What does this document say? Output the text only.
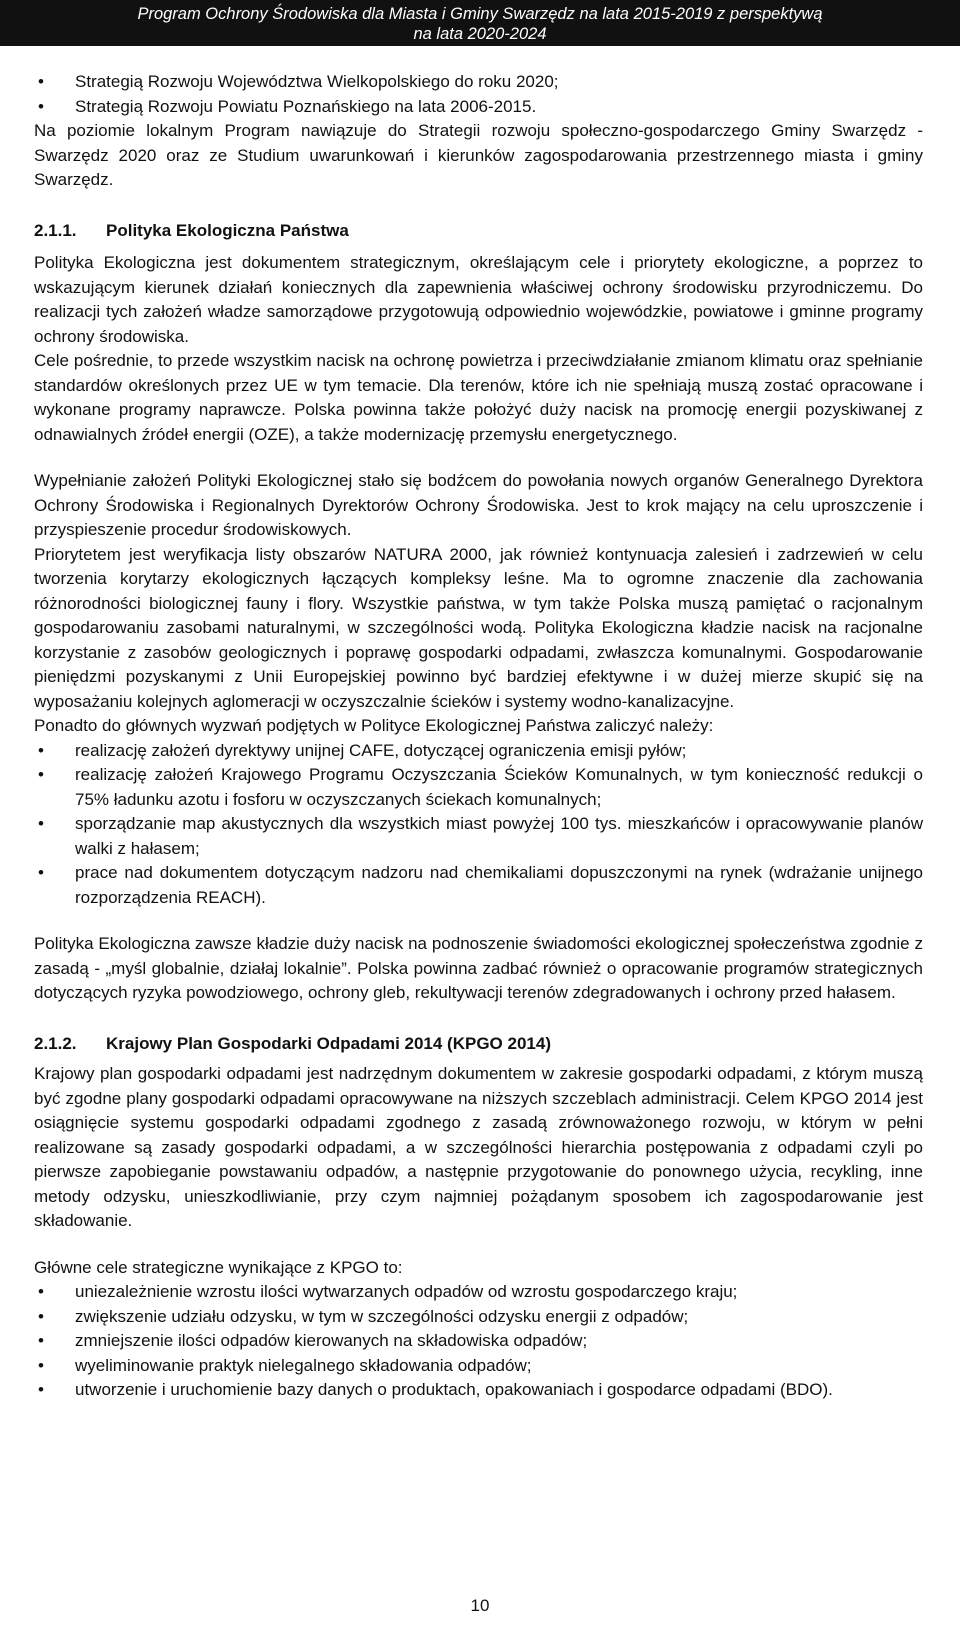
Program Ochrony Środowiska dla Miasta i Gminy Swarzędz na lata 2015-2019 z perspektywą
na lata 2020-2024
• Strategią Rozwoju Województwa Wielkopolskiego do roku 2020;
• Strategią Rozwoju Powiatu Poznańskiego na lata 2006-2015.

Na poziomie lokalnym Program nawiązuje do Strategii rozwoju społeczno-gospodarczego Gminy Swarzędz - Swarzędz 2020 oraz ze Studium uwarunkowań i kierunków zagospodarowania przestrzennego miasta i gminy Swarzędz.

2.1.1. Polityka Ekologiczna Państwa

Polityka Ekologiczna jest dokumentem strategicznym, określającym cele i priorytety ekologiczne, a poprzez to wskazującym kierunek działań koniecznych dla zapewnienia właściwej ochrony środowisku przyrodniczemu. Do realizacji tych założeń władze samorządowe przygotowują odpowiednio wojewódzkie, powiatowe i gminne programy ochrony środowiska.

Cele pośrednie, to przede wszystkim nacisk na ochronę powietrza i przeciwdziałanie zmianom klimatu oraz spełnianie standardów określonych przez UE w tym temacie. Dla terenów, które ich nie spełniają muszą zostać opracowane i wykonane programy naprawcze. Polska powinna także położyć duży nacisk na promocję energii pozyskiwanej z odnawialnych źródeł energii (OZE), a także modernizację przemysłu energetycznego.

Wypełnianie założeń Polityki Ekologicznej stało się bodźcem do powołania nowych organów Generalnego Dyrektora Ochrony Środowiska i Regionalnych Dyrektorów Ochrony Środowiska. Jest to krok mający na celu uproszczenie i przyspieszenie procedur środowiskowych.

Priorytetem jest weryfikacja listy obszarów NATURA 2000, jak również kontynuacja zalesień i zadrzewień w celu tworzenia korytarzy ekologicznych łączących kompleksy leśne. Ma to ogromne znaczenie dla zachowania różnorodności biologicznej fauny i flory. Wszystkie państwa, w tym także Polska muszą pamiętać o racjonalnym gospodarowaniu zasobami naturalnymi, w szczególności wodą. Polityka Ekologiczna kładzie nacisk na racjonalne korzystanie z zasobów geologicznych i poprawę gospodarki odpadami, zwłaszcza komunalnymi. Gospodarowanie pieniędzmi pozyskanymi z Unii Europejskiej powinno być bardziej efektywne i w dużej mierze skupić się na wyposażaniu kolejnych aglomeracji w oczyszczalnie ścieków i systemy wodno-kanalizacyjne.

Ponadto do głównych wyzwań podjętych w Polityce Ekologicznej Państwa zaliczyć należy:

• realizację założeń dyrektywy unijnej CAFE, dotyczącej ograniczenia emisji pyłów;
• realizację założeń Krajowego Programu Oczyszczania Ścieków Komunalnych, w tym konieczność redukcji o 75% ładunku azotu i fosforu w oczyszczanych ściekach komunalnych;
• sporządzanie map akustycznych dla wszystkich miast powyżej 100 tys. mieszkańców i opracowywanie planów walki z hałasem;
• prace nad dokumentem dotyczącym nadzoru nad chemikaliami dopuszczonymi na rynek (wdrażanie unijnego rozporządzenia REACH).

Polityka Ekologiczna zawsze kładzie duży nacisk na podnoszenie świadomości ekologicznej społeczeństwa zgodnie z zasadą - „myśl globalnie, działaj lokalnie”. Polska powinna zadbać również o opracowanie programów strategicznych dotyczących ryzyka powodziowego, ochrony gleb, rekultywacji terenów zdegradowanych i ochrony przed hałasem.

2.1.2. Krajowy Plan Gospodarki Odpadami 2014 (KPGO 2014)

Krajowy plan gospodarki odpadami jest nadrzędnym dokumentem w zakresie gospodarki odpadami, z którym muszą być zgodne plany gospodarki odpadami opracowywane na niższych szczeblach administracji. Celem KPGO 2014 jest osiągnięcie systemu gospodarki odpadami zgodnego z zasadą zrównoważonego rozwoju, w którym w pełni realizowane są zasady gospodarki odpadami, a w szczególności hierarchia postępowania z odpadami czyli po pierwsze zapobieganie powstawaniu odpadów, a następnie przygotowanie do ponownego użycia, recykling, inne metody odzysku, unieszkodliwianie, przy czym najmniej pożądanym sposobem ich zagospodarowanie jest składowanie.

Główne cele strategiczne wynikające z KPGO to:

• uniezależnienie wzrostu ilości wytwarzanych odpadów od wzrostu gospodarczego kraju;
• zwiększenie udziału odzysku, w tym w szczególności odzysku energii z odpadów;
• zmniejszenie ilości odpadów kierowanych na składowiska odpadów;
• wyeliminowanie praktyk nielegalnego składowania odpadów;
• utworzenie i uruchomienie bazy danych o produktach, opakowaniach i gospodarce odpadami (BDO).
10
